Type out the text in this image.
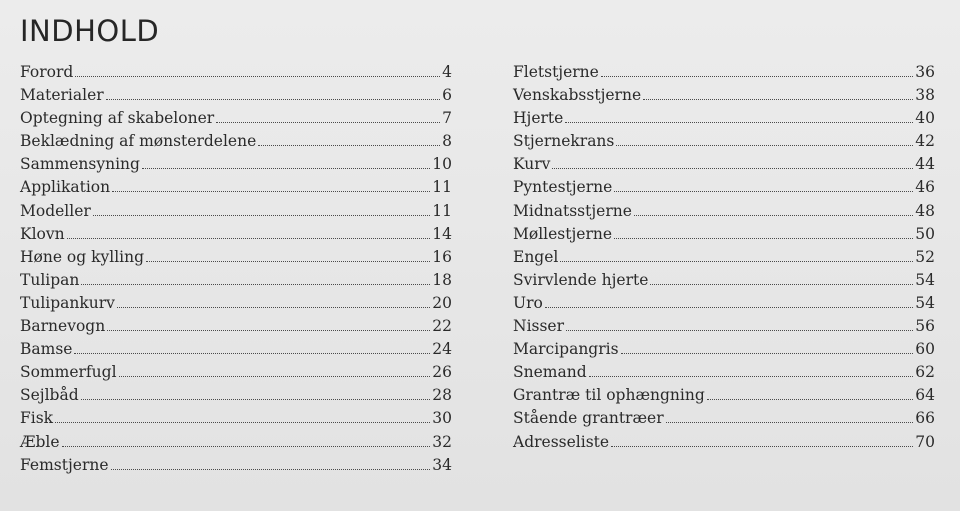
INDHOLD
Forord	4
Materialer	6
Optegning af skabeloner	7
Beklædning af mønsterdelene	8
Sammensyning	10
Applikation	11
Modeller	11
Klovn	14
Høne og kylling	16
Tulipan	18
Tulipankurv	20
Barnevogn	22
Bamse	24
Sommerfugl	26
Sejlbåd	28
Fisk	30
Æble	32
Femstjerne	34
Fletstjerne	36
Venskabsstjerne	38
Hjerte	40
Stjernekrans	42
Kurv	44
Pyntestjerne	46
Midnatsstjerne	48
Møllestjerne	50
Engel	52
Svirvlende hjerte	54
Uro	54
Nisser	56
Marcipangris	60
Snemand	62
Grantræ til ophængning	64
Stående grantræer	66
Adresseliste	70
